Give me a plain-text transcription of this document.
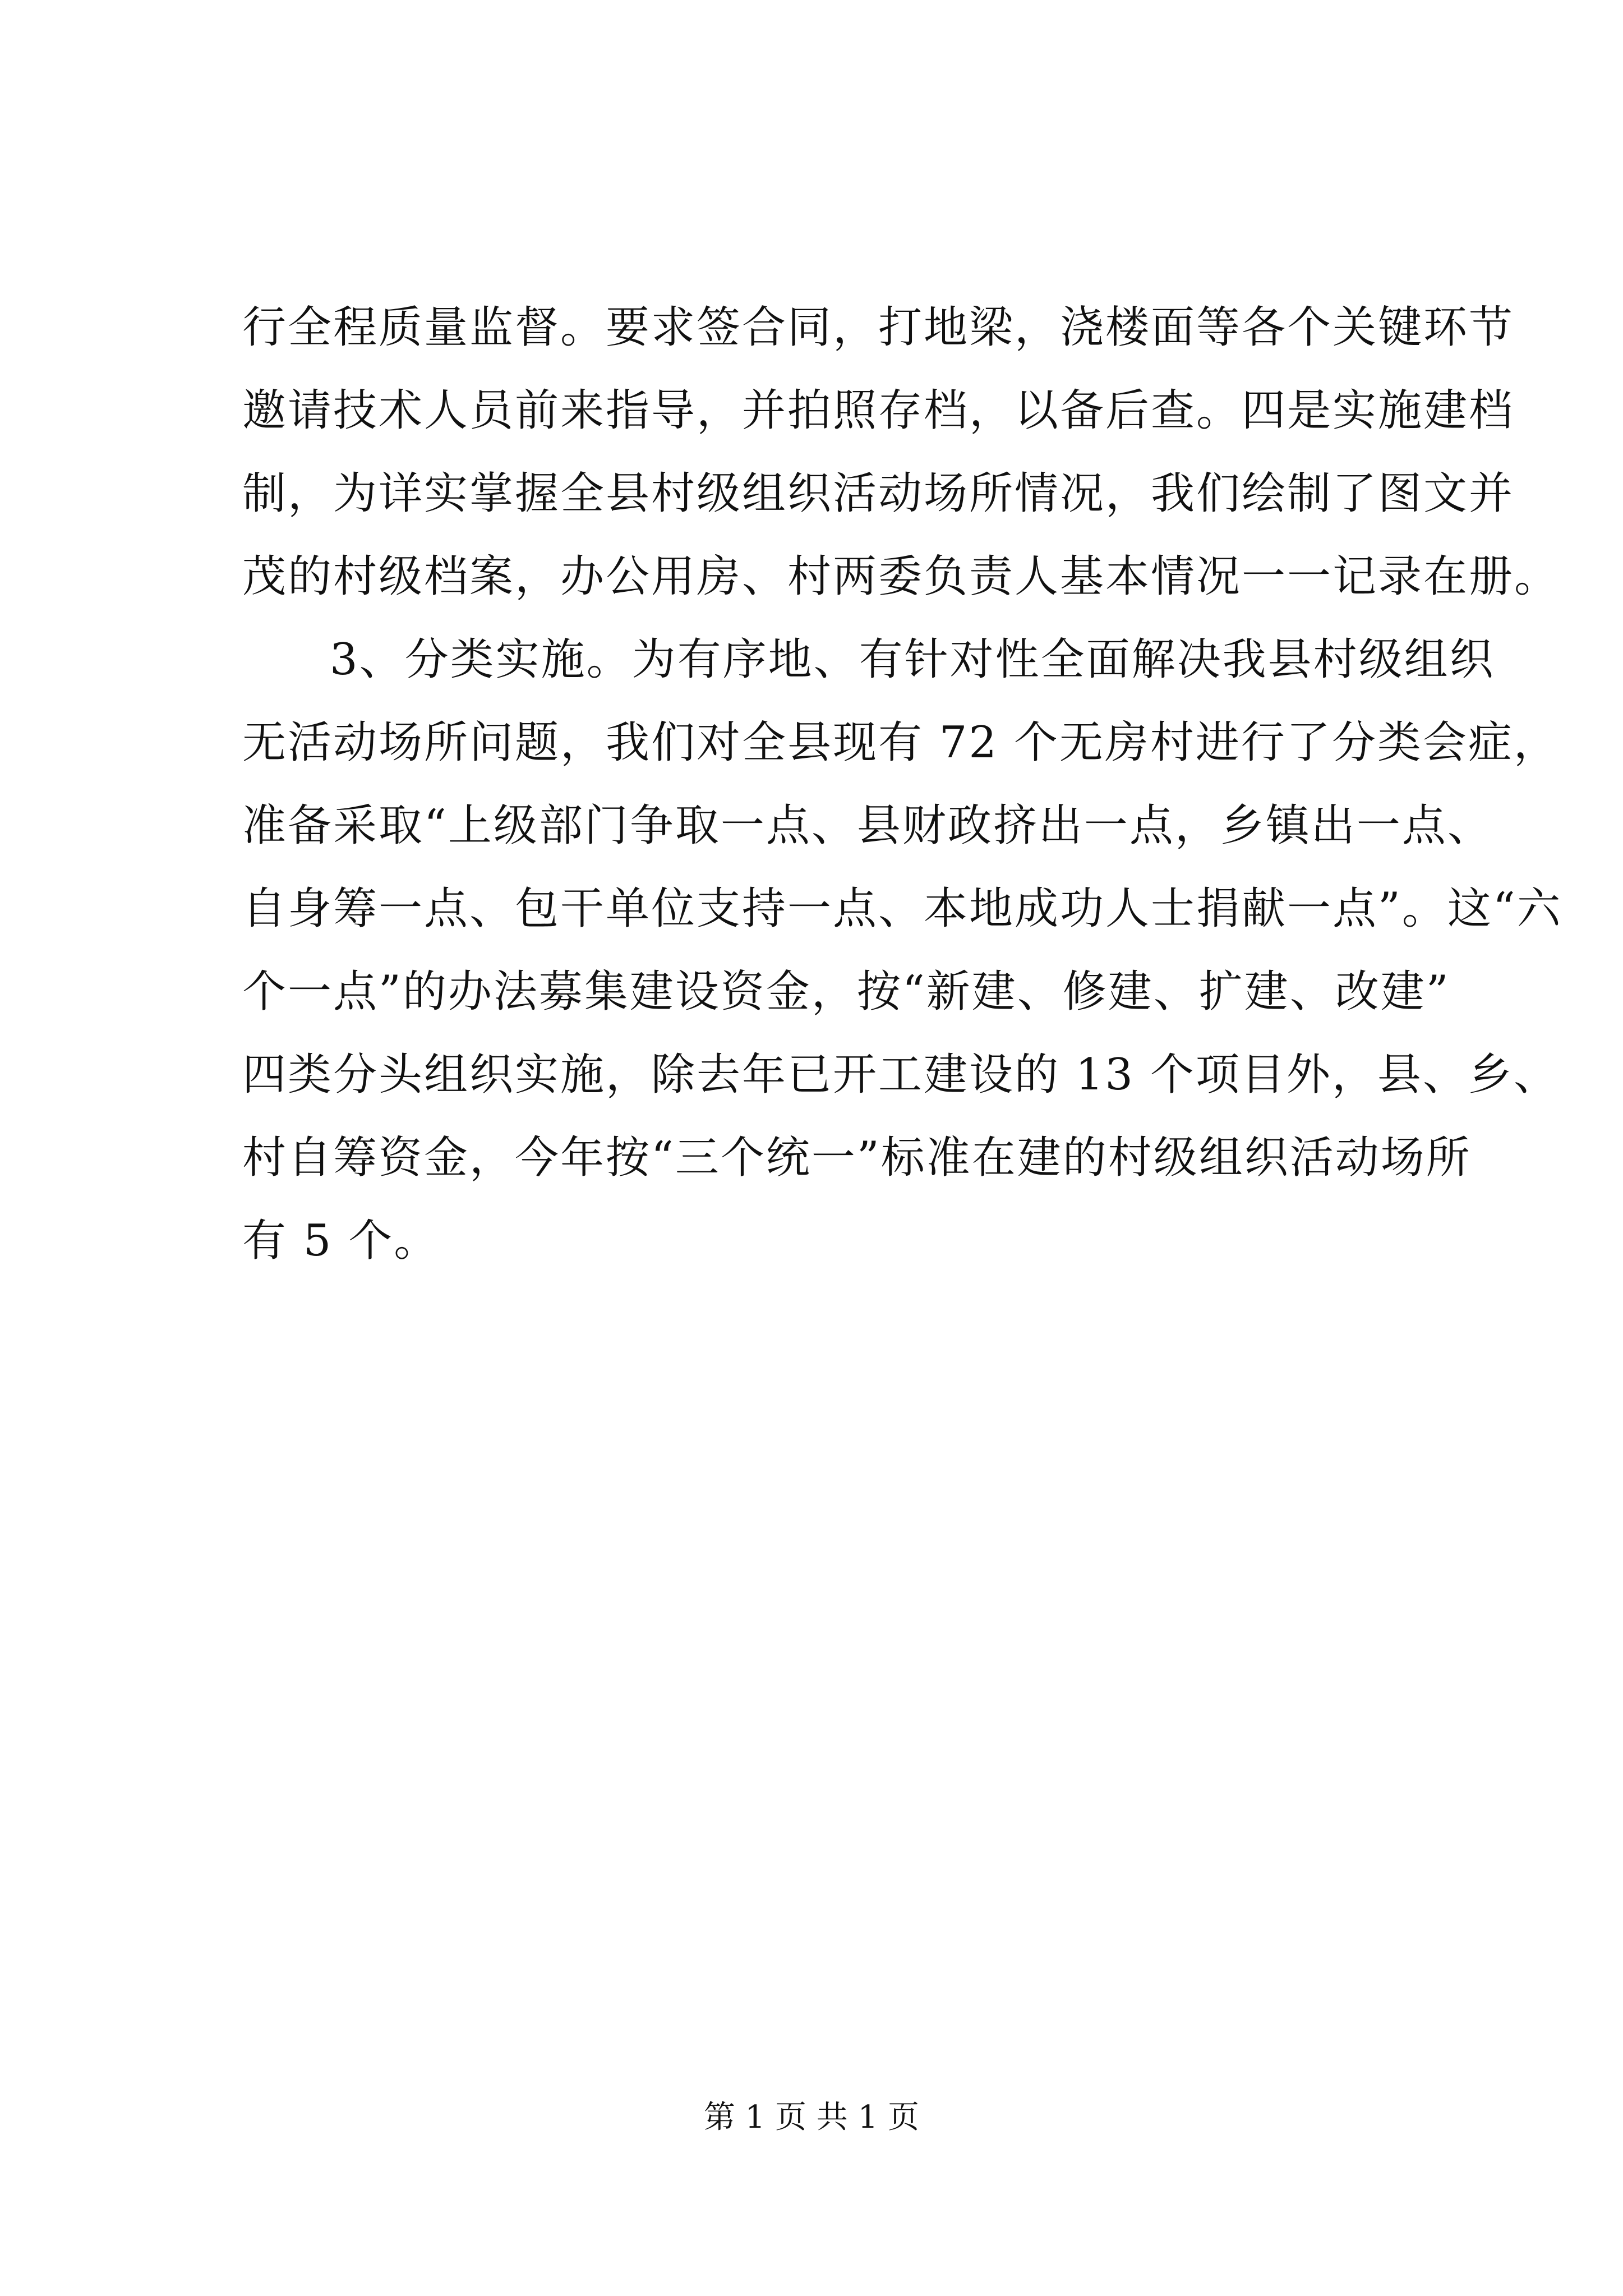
行全程质量监督。要求签合同，打地梁，浇楼面等各个关键环节
邀请技术人员前来指导，并拍照存档，以备后查。四是实施建档
制，为详实掌握全县村级组织活动场所情况，我们绘制了图文并
茂的村级档案，办公用房、村两委负责人基本情况一一记录在册。
3、分类实施。为有序地、有针对性全面解决我县村级组织
无活动场所问题，我们对全县现有 72 个无房村进行了分类会症，
准备采取“上级部门争取一点、县财政挤出一点，乡镇出一点、
自身筹一点、包干单位支持一点、本地成功人士捐献一点”。这“六
个一点”的办法募集建设资金，按“新建、修建、扩建、改建”
四类分头组织实施，除去年已开工建设的 13 个项目外，县、乡、
村自筹资金，今年按“三个统一”标准在建的村级组织活动场所
有 5 个。
第 1 页 共 1 页
